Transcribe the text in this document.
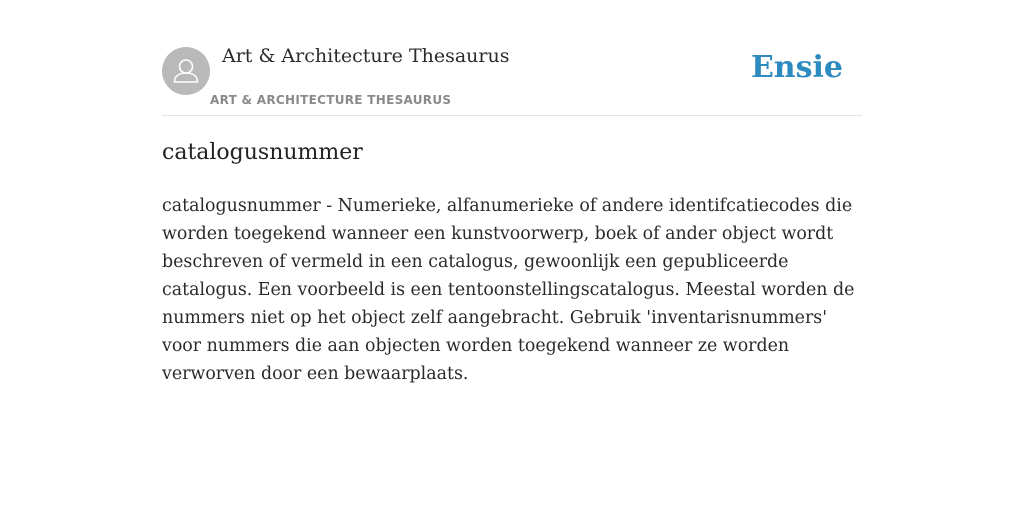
Art & Architecture Thesaurus
ART & ARCHITECTURE THESAURUS
Ensie
catalogusnummer

catalogusnummer - Numerieke, alfanumerieke of andere identifcatiecodes die worden toegekend wanneer een kunstvoorwerp, boek of ander object wordt beschreven of vermeld in een catalogus, gewoonlijk een gepubliceerde catalogus. Een voorbeeld is een tentoonstellingscatalogus. Meestal worden de nummers niet op het object zelf aangebracht. Gebruik 'inventarisnummers' voor nummers die aan objecten worden toegekend wanneer ze worden verworven door een bewaarplaats.
